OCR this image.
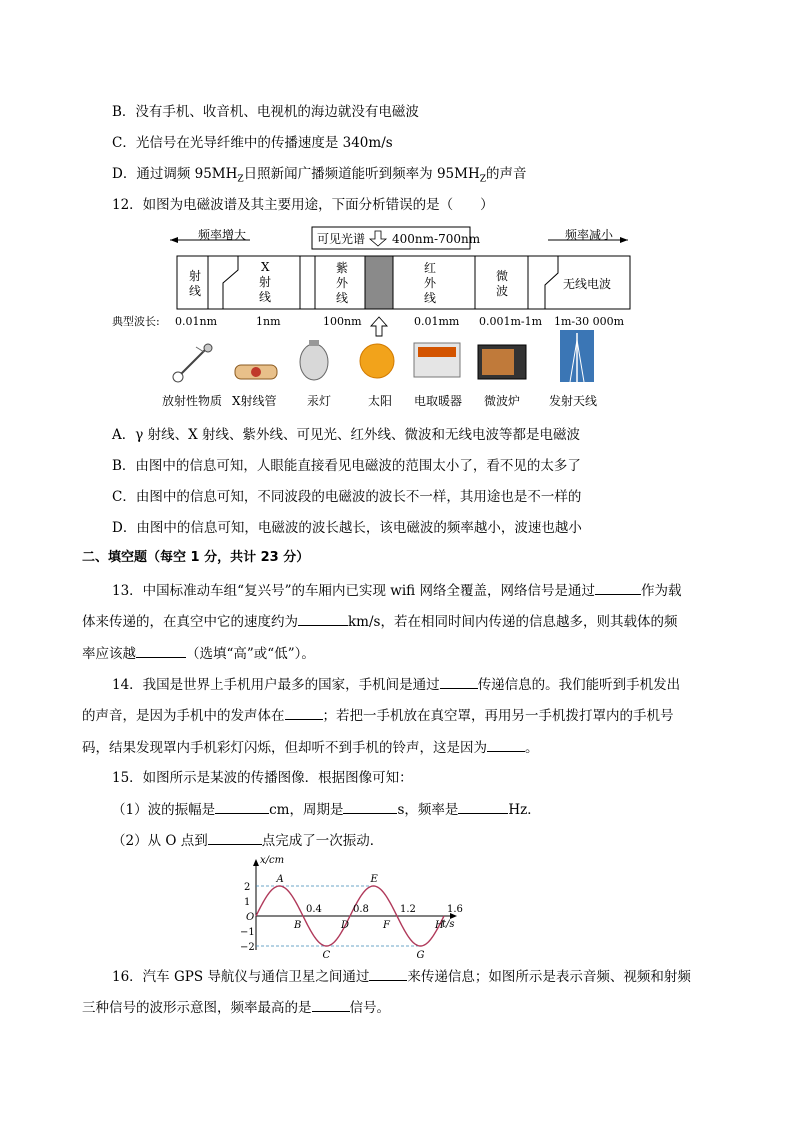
B．没有手机、收音机、电视机的海边就没有电磁波
C．光信号在光导纤维中的传播速度是 340m/s
D．通过调频 $95MH_Z$日照新闻广播频道能听到频率为 $95MH_Z$的声音
12．如图为电磁波谱及其主要用途，下面分析错误的是（　　）
频率增大	频率减小
可见光谱 400nm-700nm
射
线
X
射
线
紫
外
线
红
外
线
微
波	无线电波
典型波长: 0.01nm	1nm	100nm	0.01mm 0.001m-1m 1m-30 000m
放射性物质 X射线管	汞灯	太阳 电取暖器 微波炉 发射天线
A．γ 射线、X 射线、紫外线、可见光、红外线、微波和无线电波等都是电磁波
B．由图中的信息可知，人眼能直接看见电磁波的范围太小了，看不见的太多了
C．由图中的信息可知，不同波段的电磁波的波长不一样，其用途也是不一样的
D．由图中的信息可知，电磁波的波长越长，该电磁波的频率越小，波速也越小
二、填空题（每空 1 分，共计 23 分）
13．中国标准动车组“复兴号”的车厢内已实现 wifi 网络全覆盖，网络信号是通过	作为载
体来传递的，在真空中它的速度约为	km/s，若在相同时间内传递的信息越多，则其载体的频
率应该越	（选填“高”或“低”）。
14．我国是世界上手机用户最多的国家，手机间是通过	传递信息的。我们能听到手机发出
的声音，是因为手机中的发声体在	；若把一手机放在真空罩，再用另一手机拨打罩内的手机号
码，结果发现罩内手机彩灯闪烁，但却听不到手机的铃声，这是因为	。
15．如图所示是某波的传播图像．根据图像可知：
（1）波的振幅是	cm，周期是	s，频率是	Hz．
（2）从 O 点到	点完成了一次振动．
x/cm
t/s
2
1
−1
−2
0.4	0.8	1.2	1.6
O
A
B
C
D
E
F
G
H
16．汽车 GPS 导航仪与通信卫星之间通过	来传递信息；如图所示是表示音频、视频和射频
三种信号的波形示意图，频率最高的是	信号。
